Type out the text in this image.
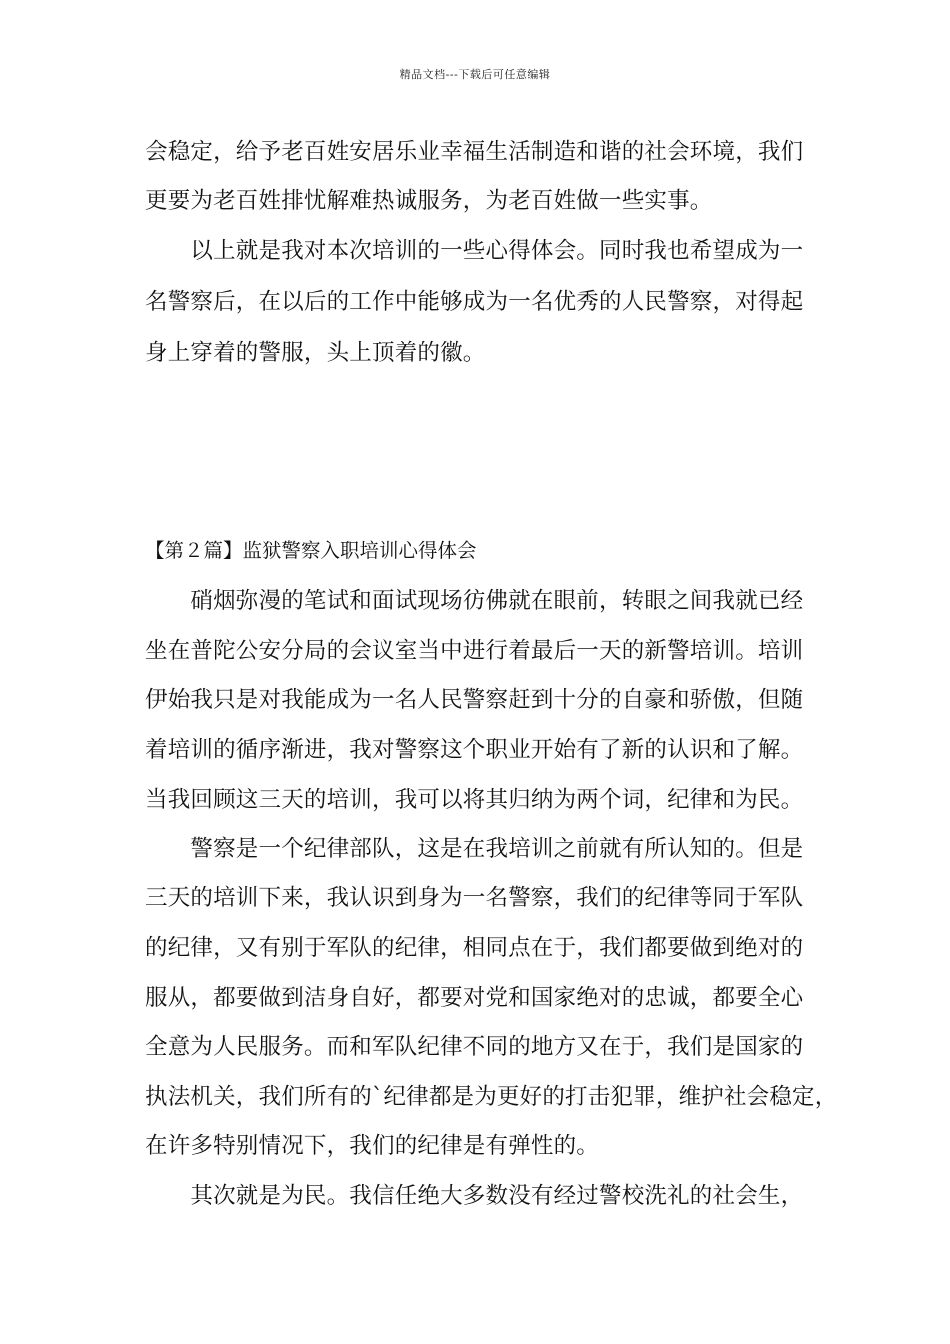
精品文档---下载后可任意编辑
会稳定，给予老百姓安居乐业幸福生活制造和谐的社会环境，我们
更要为老百姓排忧解难热诚服务，为老百姓做一些实事。
　　以上就是我对本次培训的一些心得体会。同时我也希望成为一
名警察后，在以后的工作中能够成为一名优秀的人民警察，对得起
身上穿着的警服，头上顶着的徽。
【第２篇】监狱警察入职培训心得体会
　　硝烟弥漫的笔试和面试现场彷佛就在眼前，转眼之间我就已经
坐在普陀公安分局的会议室当中进行着最后一天的新警培训。培训
伊始我只是对我能成为一名人民警察赶到十分的自豪和骄傲，但随
着培训的循序渐进，我对警察这个职业开始有了新的认识和了解。
当我回顾这三天的培训，我可以将其归纳为两个词，纪律和为民。
　　警察是一个纪律部队，这是在我培训之前就有所认知的。但是
三天的培训下来，我认识到身为一名警察，我们的纪律等同于军队
的纪律，又有别于军队的纪律，相同点在于，我们都要做到绝对的
服从，都要做到洁身自好，都要对党和国家绝对的忠诚，都要全心
全意为人民服务。而和军队纪律不同的地方又在于，我们是国家的
执法机关，我们所有的`纪律都是为更好的打击犯罪，维护社会稳定，
在许多特别情况下，我们的纪律是有弹性的。
　　其次就是为民。我信任绝大多数没有经过警校洗礼的社会生，
